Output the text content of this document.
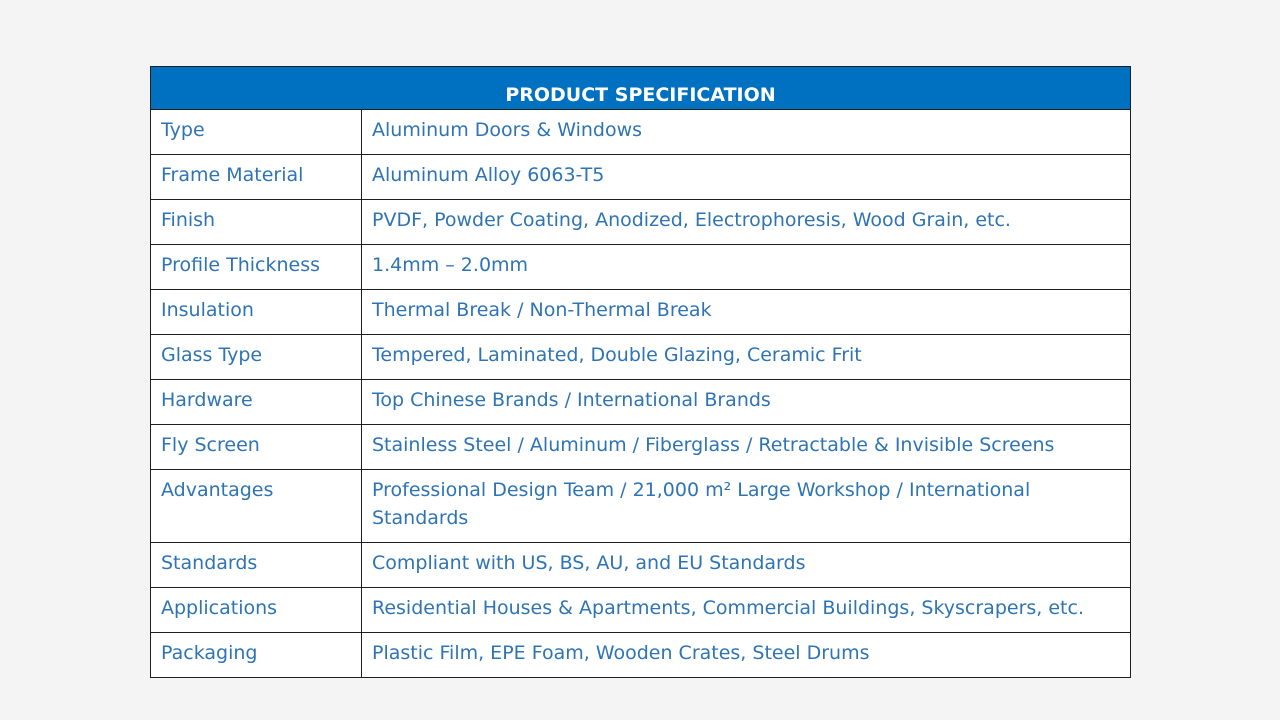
PRODUCT SPECIFICATION	
Type	Aluminum Doors & Windows
Frame Material	Aluminum Alloy 6063-T5
Finish	PVDF, Powder Coating, Anodized, Electrophoresis, Wood Grain, etc.
Profile Thickness	1.4mm – 2.0mm
Insulation	Thermal Break / Non-Thermal Break
Glass Type	Tempered, Laminated, Double Glazing, Ceramic Frit
Hardware	Top Chinese Brands / International Brands
Fly Screen	Stainless Steel / Aluminum / Fiberglass / Retractable & Invisible Screens
Advantages	Professional Design Team / 21,000 m² Large Workshop / International Standards
Standards	Compliant with US, BS, AU, and EU Standards
Applications	Residential Houses & Apartments, Commercial Buildings, Skyscrapers, etc.
Packaging	Plastic Film, EPE Foam, Wooden Crates, Steel Drums
